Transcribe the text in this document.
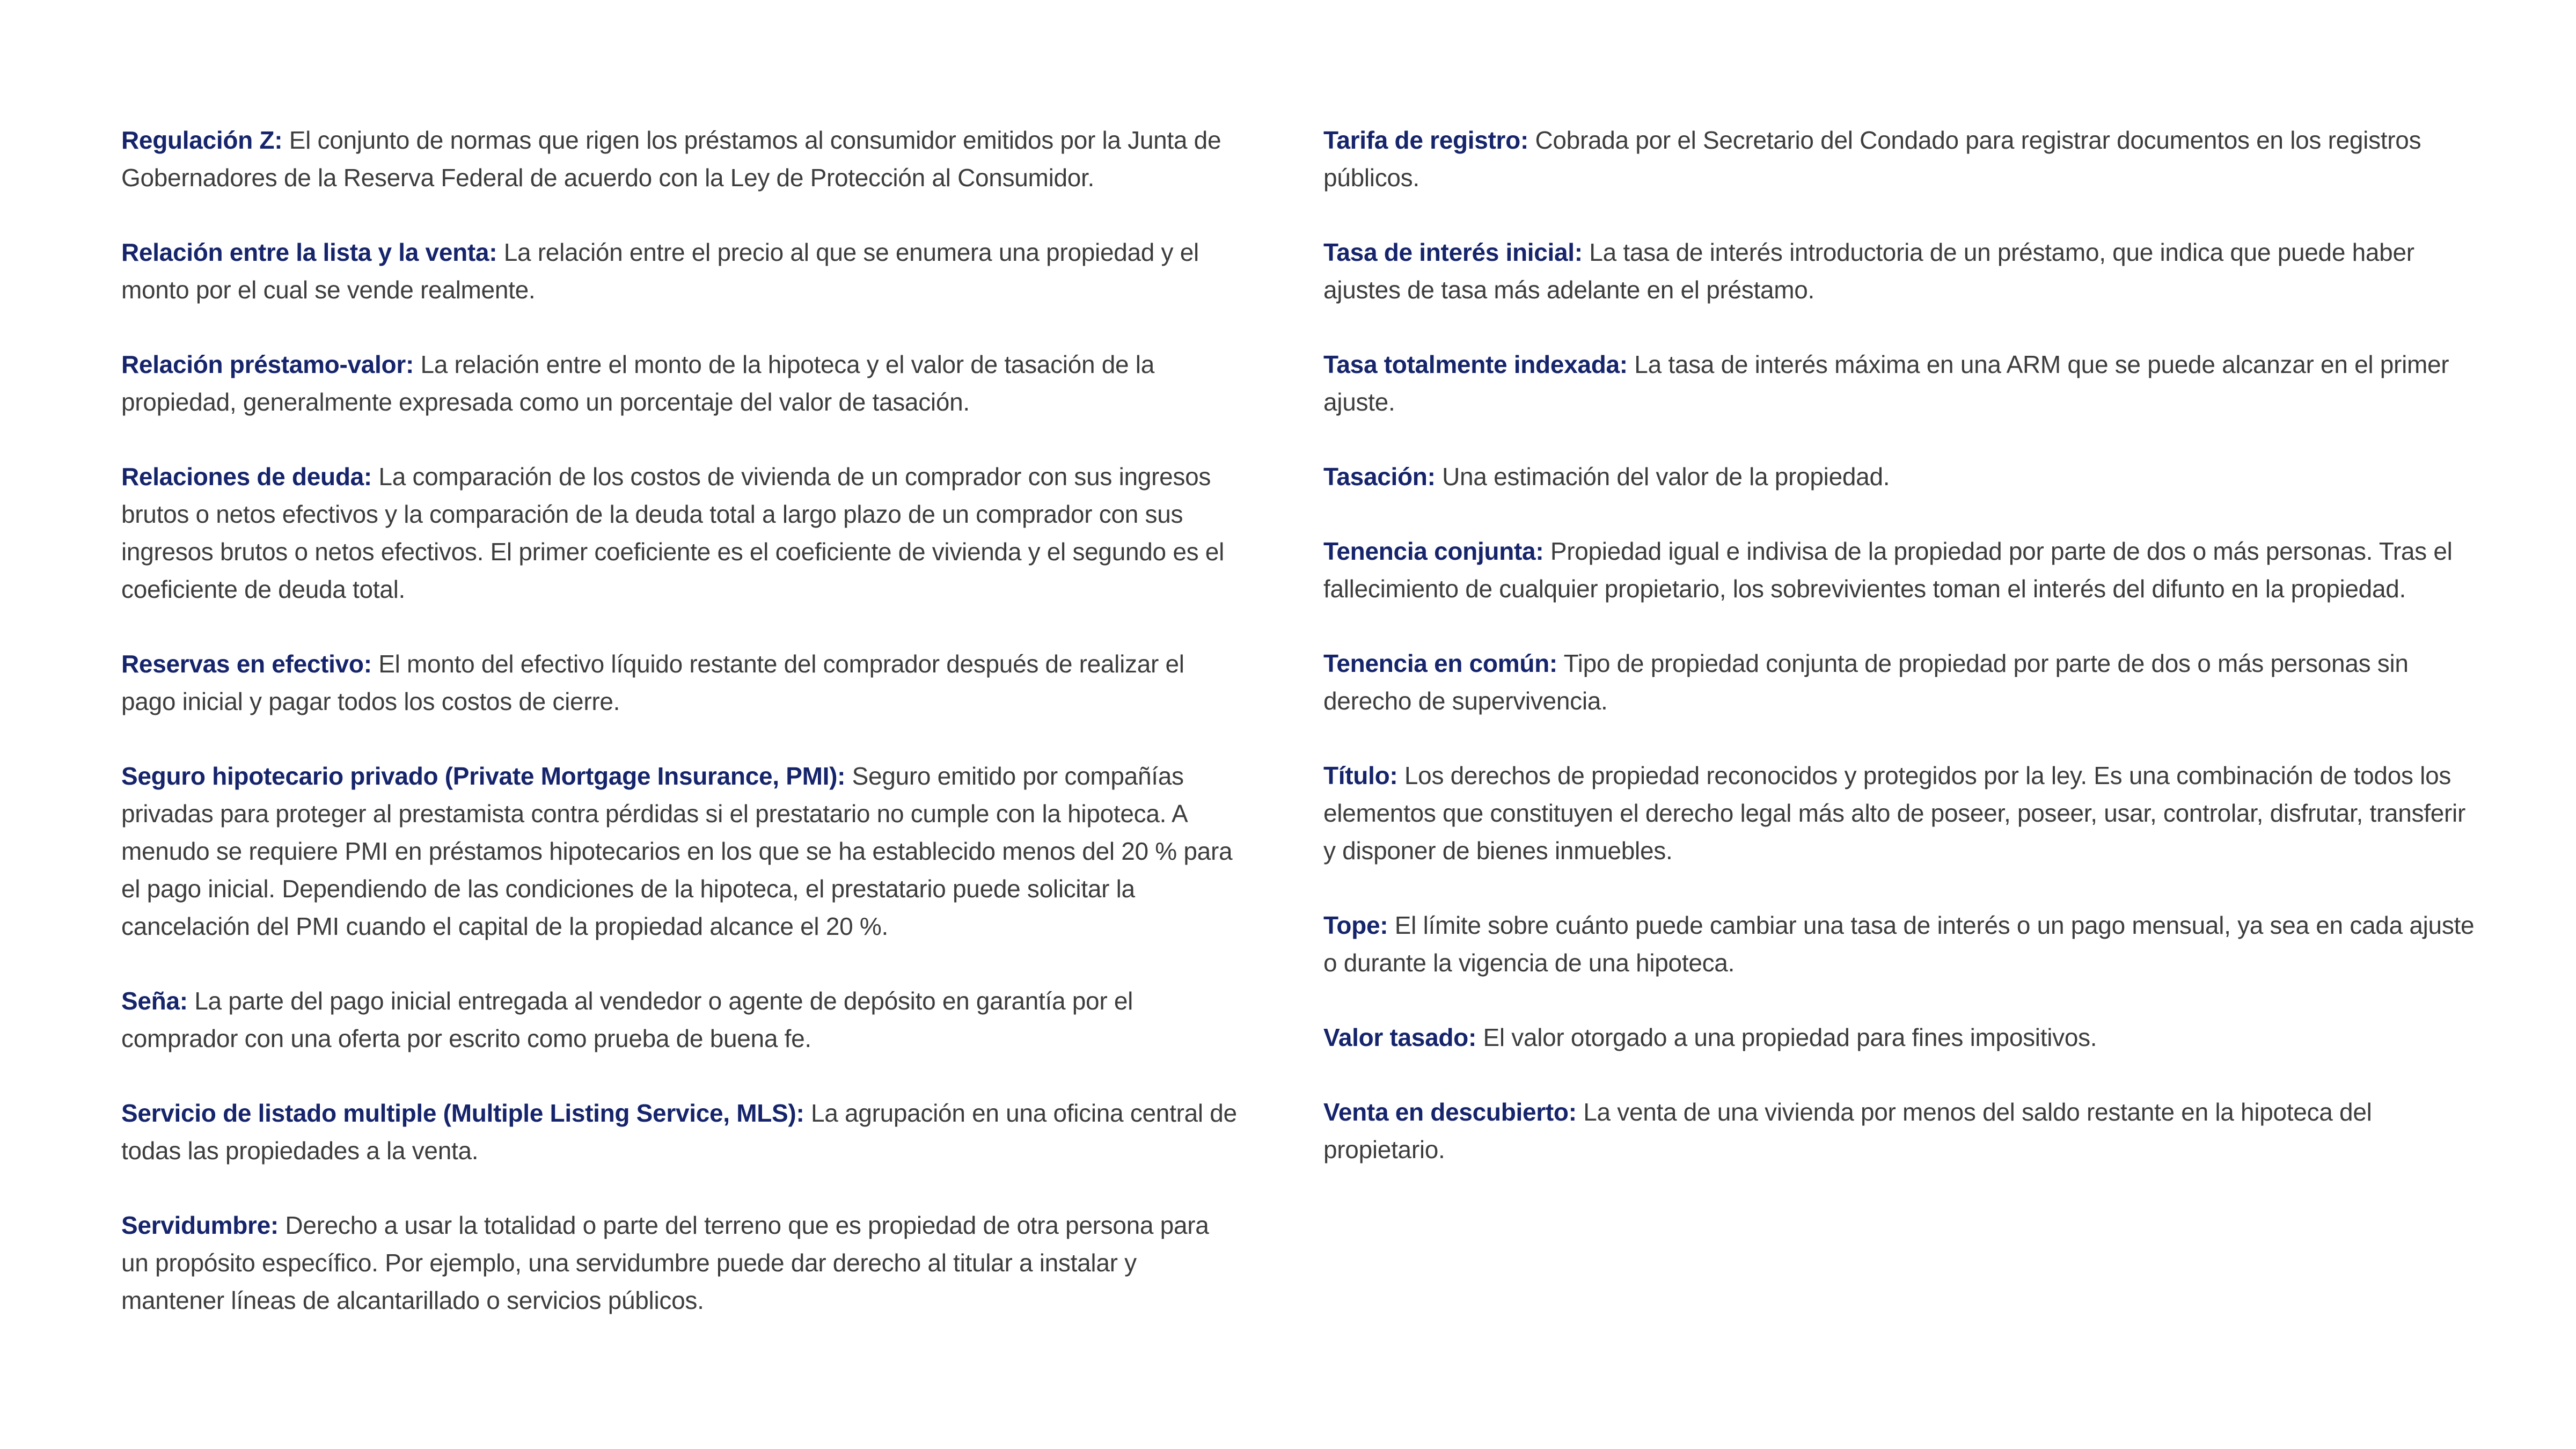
Regulación Z: El conjunto de normas que rigen los préstamos al consumidor emitidos por la Junta de Gobernadores de la Reserva Federal de acuerdo con la Ley de Protección al Consumidor.

Relación entre la lista y la venta: La relación entre el precio al que se enumera una propiedad y el monto por el cual se vende realmente.

Relación préstamo-valor: La relación entre el monto de la hipoteca y el valor de tasación de la propiedad, generalmente expresada como un porcentaje del valor de tasación.

Relaciones de deuda: La comparación de los costos de vivienda de un comprador con sus ingresos brutos o netos efectivos y la comparación de la deuda total a largo plazo de un comprador con sus ingresos brutos o netos efectivos. El primer coeficiente es el coeficiente de vivienda y el segundo es el coeficiente de deuda total.

Reservas en efectivo: El monto del efectivo líquido restante del comprador después de realizar el pago inicial y pagar todos los costos de cierre.

Seguro hipotecario privado (Private Mortgage Insurance, PMI): Seguro emitido por compañías privadas para proteger al prestamista contra pérdidas si el prestatario no cumple con la hipoteca. A menudo se requiere PMI en préstamos hipotecarios en los que se ha establecido menos del 20 % para el pago inicial. Dependiendo de las condiciones de la hipoteca, el prestatario puede solicitar la cancelación del PMI cuando el capital de la propiedad alcance el 20 %.

Seña: La parte del pago inicial entregada al vendedor o agente de depósito en garantía por el comprador con una oferta por escrito como prueba de buena fe.

Servicio de listado multiple (Multiple Listing Service, MLS): La agrupación en una oficina central de todas las propiedades a la venta.

Servidumbre: Derecho a usar la totalidad o parte del terreno que es propiedad de otra persona para un propósito específico. Por ejemplo, una servidumbre puede dar derecho al titular a instalar y mantener líneas de alcantarillado o servicios públicos.

Tarifa de registro: Cobrada por el Secretario del Condado para registrar documentos en los registros públicos.

Tasa de interés inicial: La tasa de interés introductoria de un préstamo, que indica que puede haber ajustes de tasa más adelante en el préstamo.

Tasa totalmente indexada: La tasa de interés máxima en una ARM que se puede alcanzar en el primer ajuste.

Tasación: Una estimación del valor de la propiedad.

Tenencia conjunta: Propiedad igual e indivisa de la propiedad por parte de dos o más personas. Tras el fallecimiento de cualquier propietario, los sobrevivientes toman el interés del difunto en la propiedad.

Tenencia en común: Tipo de propiedad conjunta de propiedad por parte de dos o más personas sin derecho de supervivencia.

Título: Los derechos de propiedad reconocidos y protegidos por la ley. Es una combinación de todos los elementos que constituyen el derecho legal más alto de poseer, poseer, usar, controlar, disfrutar, transferir y disponer de bienes inmuebles.

Tope: El límite sobre cuánto puede cambiar una tasa de interés o un pago mensual, ya sea en cada ajuste o durante la vigencia de una hipoteca.

Valor tasado: El valor otorgado a una propiedad para fines impositivos.

Venta en descubierto: La venta de una vivienda por menos del saldo restante en la hipoteca del propietario.
